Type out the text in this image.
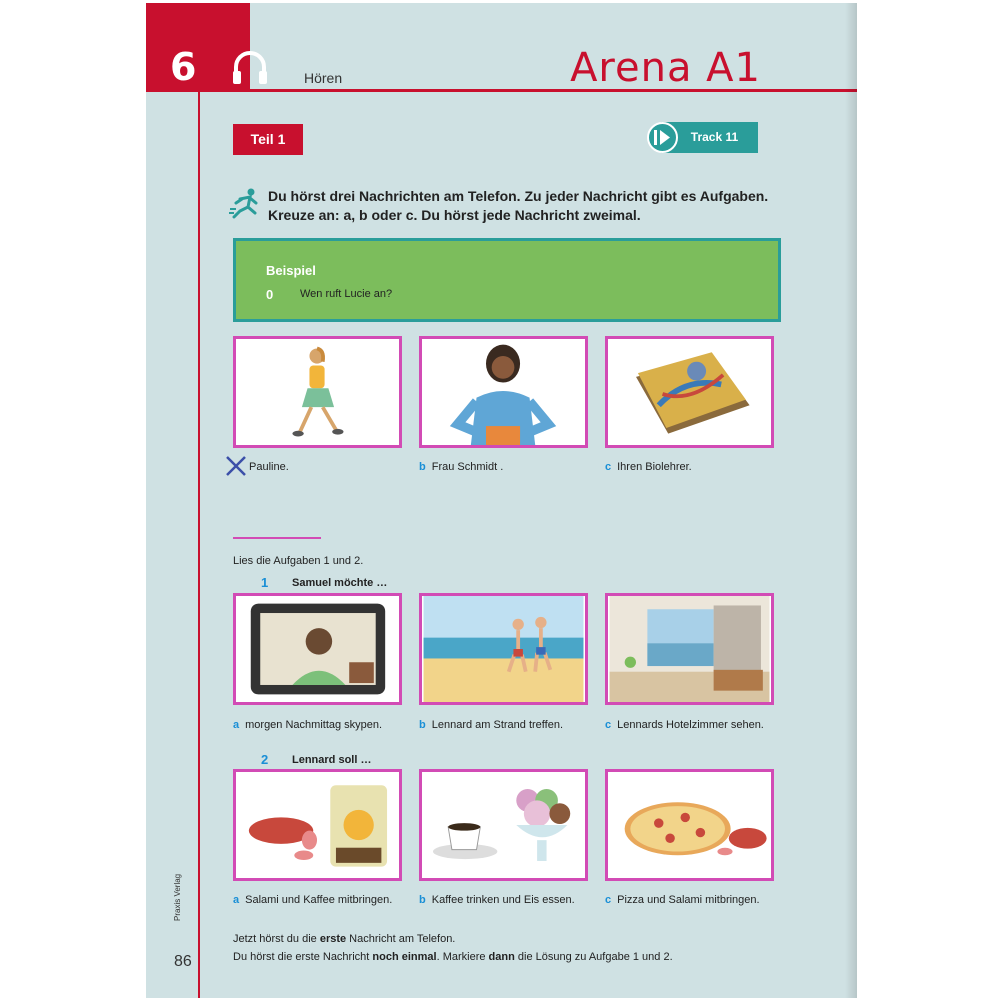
6	Hören	Arena A1
Teil 1	Track 11
Du hörst drei Nachrichten am Telefon. Zu jeder Nachricht gibt es Aufgaben.
Kreuze an: a, b oder c. Du hörst jede Nachricht zweimal.
Beispiel
0 Wen ruft Lucie an?
Pauline.	b Frau Schmidt .	c Ihren Biolehrer.
Lies die Aufgaben 1 und 2.
1 Samuel möchte …
a morgen Nachmittag skypen.	b Lennard am Strand treffen.	c Lennards Hotelzimmer sehen.
2 Lennard soll …
a Salami und Kaffee mitbringen. b Kaffee trinken und Eis essen.	c Pizza und Salami mitbringen.
Jetzt hörst du die erste Nachricht am Telefon.
Du hörst die erste Nachricht noch einmal. Markiere dann die Lösung zu Aufgabe 1 und 2.
86
Praxis Verlag
